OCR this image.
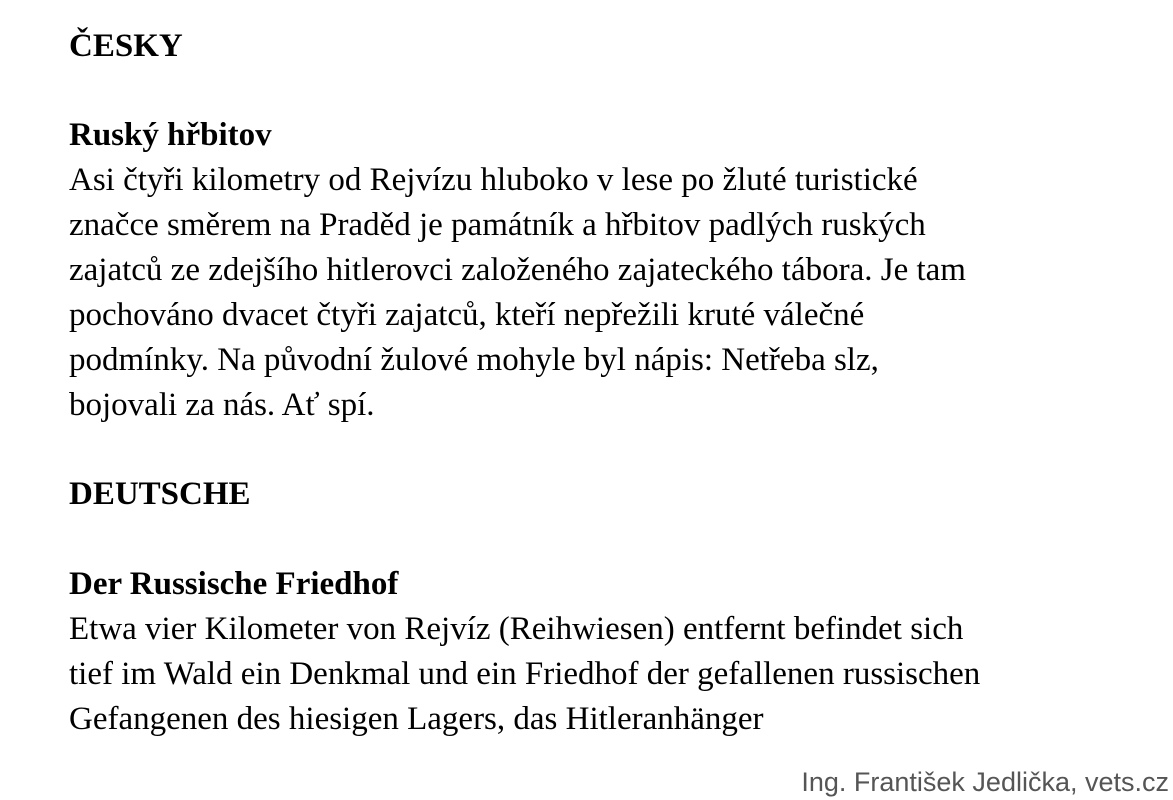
ČESKY
Ruský hřbitov
Asi čtyři kilometry od Rejvízu hluboko v lese po žluté turistické
značce směrem na Praděd je památník a hřbitov padlých ruských
zajatců ze zdejšího hitlerovci založeného zajateckého tábora. Je tam
pochováno dvacet čtyři zajatců, kteří nepřežili kruté válečné
podmínky. Na původní žulové mohyle byl nápis: Netřeba slz,
bojovali za nás. Ať spí.
DEUTSCHE
Der Russische Friedhof
Etwa vier Kilometer von Rejvíz (Reihwiesen) entfernt befindet sich
tief im Wald ein Denkmal und ein Friedhof der gefallenen russischen
Gefangenen des hiesigen Lagers, das Hitleranhänger
Ing. František Jedlička, vets.cz
